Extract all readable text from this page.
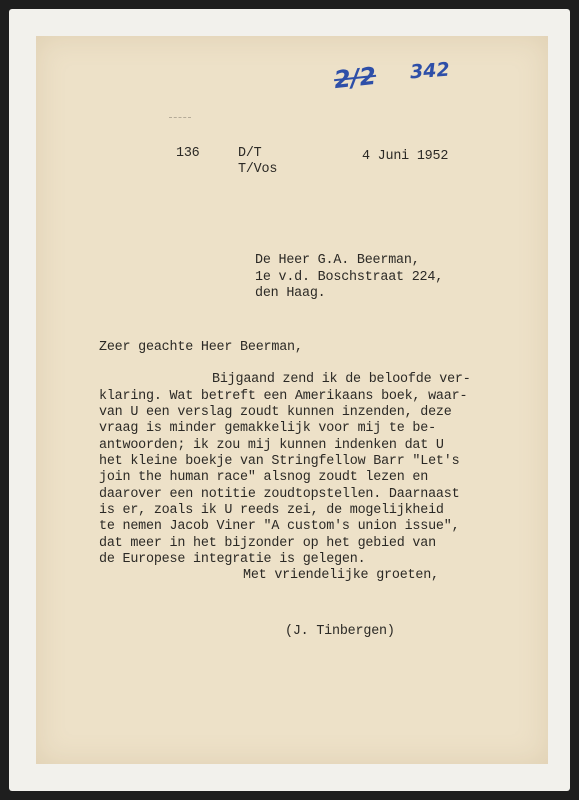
2/2 342
136	D/T
T/Vos
4 Juni 1952
De Heer G.A. Beerman,
1e v.d. Boschstraat 224,
den Haag.
Zeer geachte Heer Beerman,
Bijgaand zend ik de beloofde ver-
klaring. Wat betreft een Amerikaans boek, waar-
van U een verslag zoudt kunnen inzenden, deze
vraag is minder gemakkelijk voor mij te be-
antwoorden; ik zou mij kunnen indenken dat U
het kleine boekje van Stringfellow Barr "Let's
join the human race" alsnog zoudt lezen en
daarover een notitie zoudtopstellen. Daarnaast
is er, zoals ik U reeds zei, de mogelijkheid
te nemen Jacob Viner "A custom's union issue",
dat meer in het bijzonder op het gebied van
de Europese integratie is gelegen.
Met vriendelijke groeten,
(J. Tinbergen)
